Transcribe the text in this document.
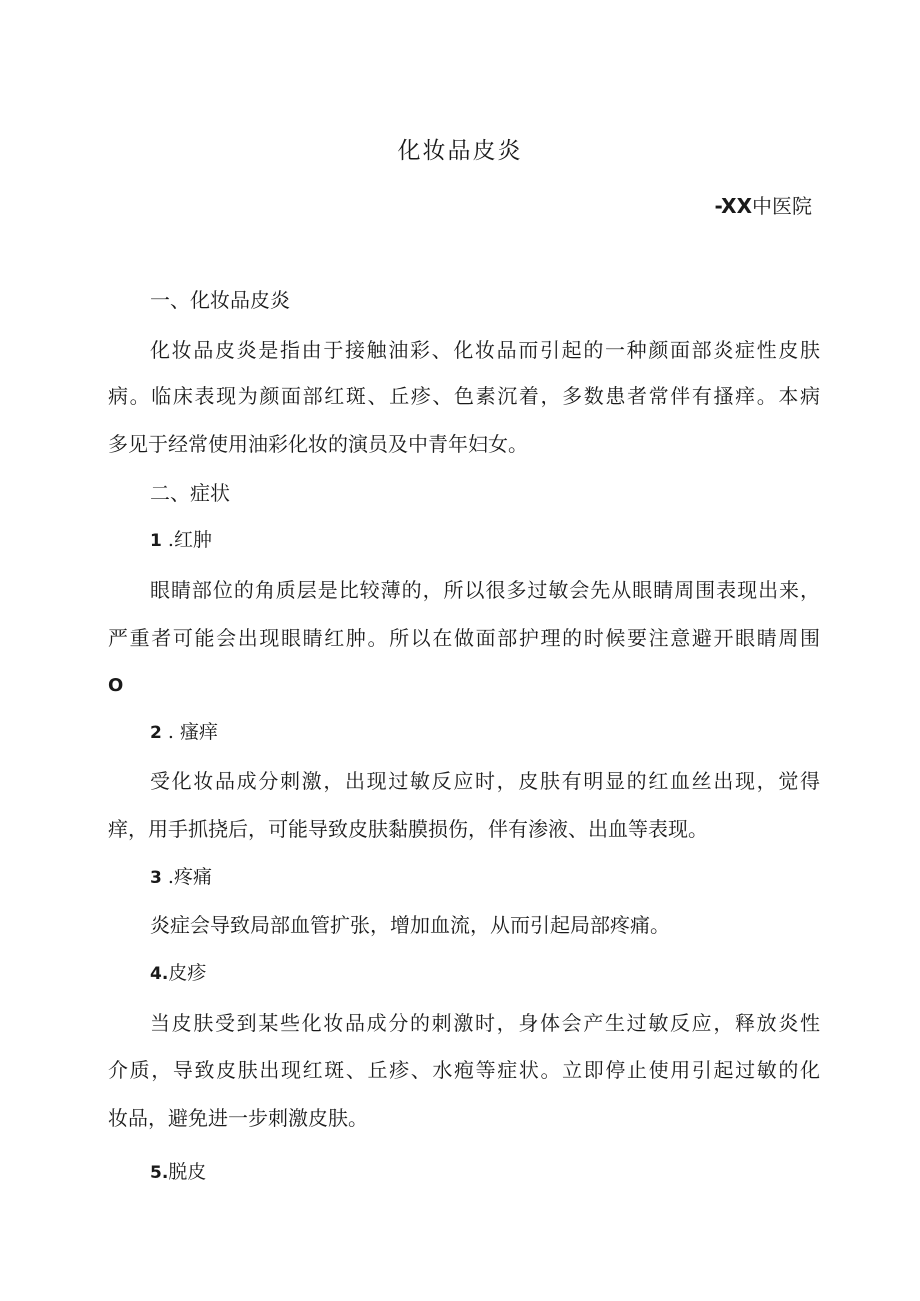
化妆品皮炎
-XX中医院
一、化妆品皮炎
化妆品皮炎是指由于接触油彩、化妆品而引起的一种颜面部炎症性皮肤
病。临床表现为颜面部红斑、丘疹、色素沉着，多数患者常伴有搔痒。本病
多见于经常使用油彩化妆的演员及中青年妇女。
二、症状
1 .红肿
眼睛部位的角质层是比较薄的，所以很多过敏会先从眼睛周围表现出来，
严重者可能会出现眼睛红肿。所以在做面部护理的时候要注意避开眼睛周围
O
2 . 瘙痒
受化妆品成分刺激，出现过敏反应时，皮肤有明显的红血丝出现，觉得
痒，用手抓挠后，可能导致皮肤黏膜损伤，伴有渗液、出血等表现。
3 .疼痛
炎症会导致局部血管扩张，增加血流，从而引起局部疼痛。
4.皮疹
当皮肤受到某些化妆品成分的刺激时，身体会产生过敏反应，释放炎性
介质，导致皮肤出现红斑、丘疹、水疱等症状。立即停止使用引起过敏的化
妆品，避免进一步刺激皮肤。
5.脱皮
